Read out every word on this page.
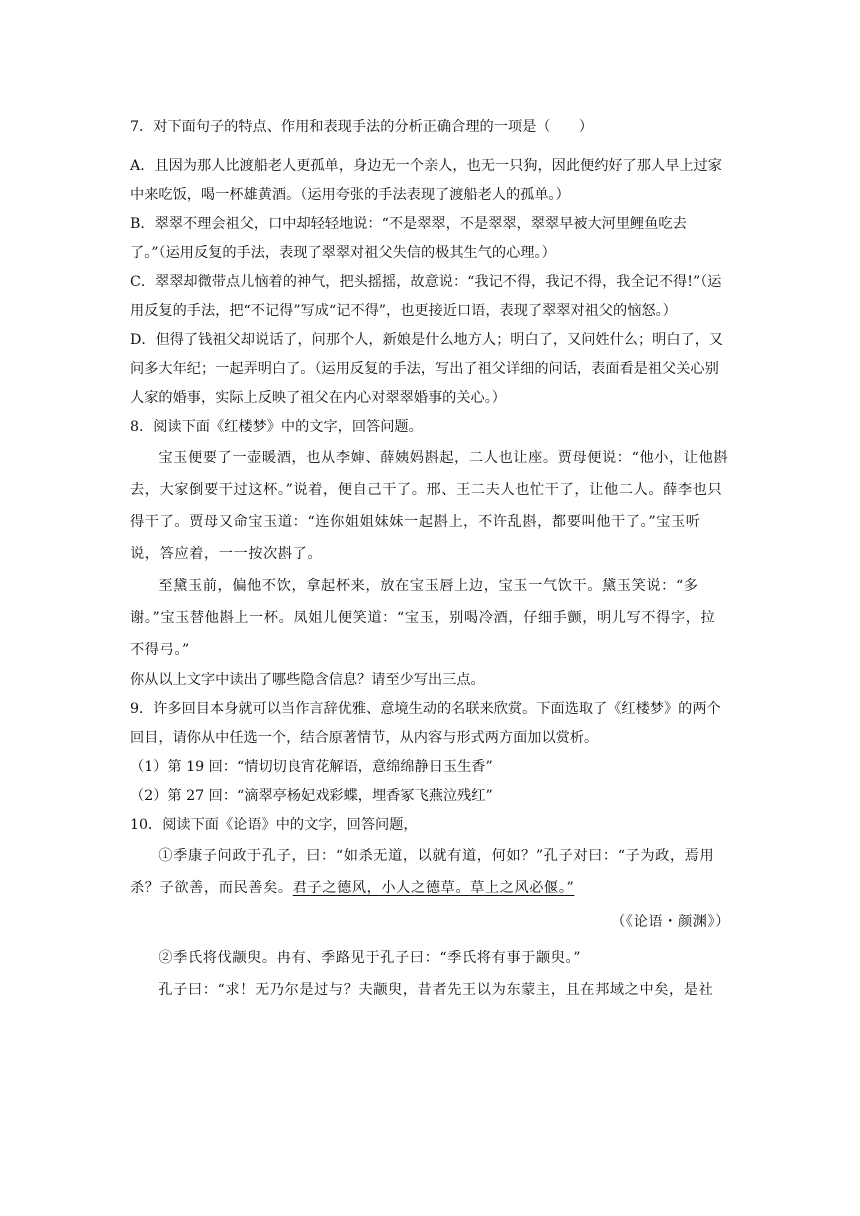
7．对下面句子的特点、作用和表现手法的分析正确合理的一项是（　　）

A．且因为那人比渡船老人更孤单，身边无一个亲人，也无一只狗，因此便约好了那人早上过家中来吃饭，喝一杯雄黄酒。（运用夸张的手法表现了渡船老人的孤单。）

B．翠翠不理会祖父，口中却轻轻地说：“不是翠翠，不是翠翠，翠翠早被大河里鲤鱼吃去了。”（运用反复的手法，表现了翠翠对祖父失信的极其生气的心理。）

C．翠翠却微带点儿恼着的神气，把头摇摇，故意说：“我记不得，我记不得，我全记不得!”（运用反复的手法，把“不记得”写成“记不得”，也更接近口语，表现了翠翠对祖父的恼怒。）

D．但得了钱祖父却说话了，问那个人，新娘是什么地方人；明白了，又问姓什么；明白了，又问多大年纪；一起弄明白了。（运用反复的手法，写出了祖父详细的问话，表面看是祖父关心别人家的婚事，实际上反映了祖父在内心对翠翠婚事的关心。）

8．阅读下面《红楼梦》中的文字，回答问题。

宝玉便要了一壶暖酒，也从李婶、薛姨妈斟起，二人也让座。贾母便说：“他小，让他斟去，大家倒要干过这杯。”说着，便自己干了。邢、王二夫人也忙干了，让他二人。薛李也只得干了。贾母又命宝玉道：“连你姐姐妹妹一起斟上，不许乱斟，都要叫他干了。”宝玉听说，答应着，一一按次斟了。

至黛玉前，偏他不饮，拿起杯来，放在宝玉唇上边，宝玉一气饮干。黛玉笑说：“多谢。”宝玉替他斟上一杯。凤姐儿便笑道：“宝玉，别喝冷酒，仔细手颤，明儿写不得字，拉不得弓。”

你从以上文字中读出了哪些隐含信息？请至少写出三点。

9．许多回目本身就可以当作言辞优雅、意境生动的名联来欣赏。下面选取了《红楼梦》的两个回目，请你从中任选一个，结合原著情节，从内容与形式两方面加以赏析。

（1）第 19 回：“情切切良宵花解语，意绵绵静日玉生香”

（2）第 27 回：“滴翠亭杨妃戏彩蝶，埋香冢飞燕泣残红”

10．阅读下面《论语》中的文字，回答问题，

①季康子问政于孔子，曰：“如杀无道，以就有道，何如？”孔子对曰：“子为政，焉用杀？子欲善，而民善矣。君子之德风，小人之德草。草上之风必偃。”

（《论语・颜渊》）

②季氏将伐颛臾。冉有、季路见于孔子曰：“季氏将有事于颛臾。”

孔子曰：“求！无乃尔是过与？夫颛臾，昔者先王以为东蒙主，且在邦域之中矣，是社
